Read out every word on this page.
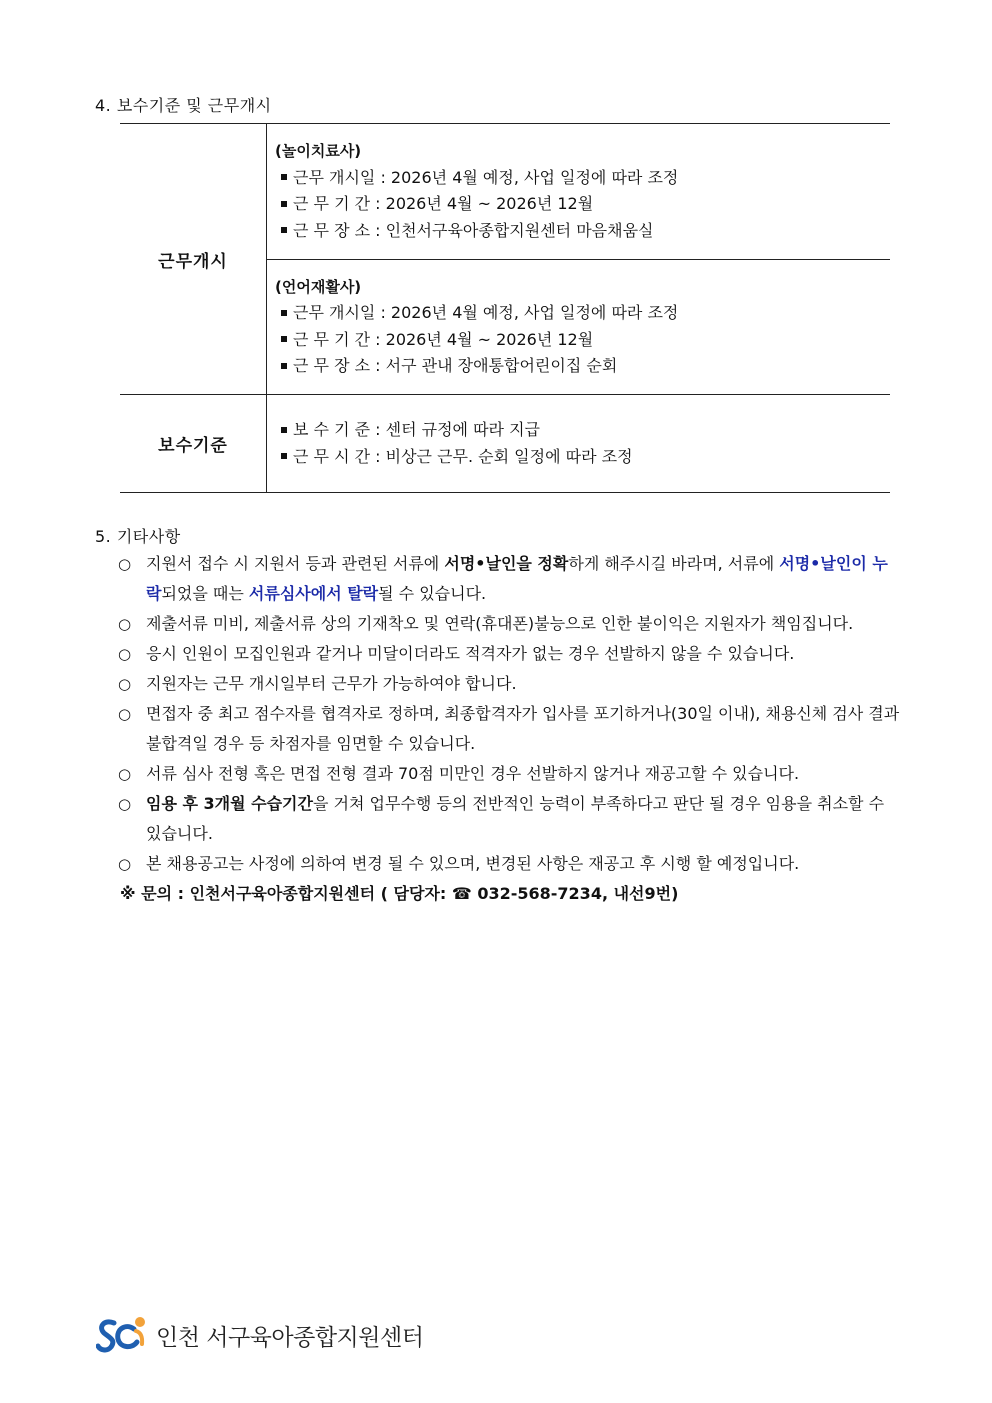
4. 보수기준 및 근무개시
근무개시	(놀이치료사)
근무 개시일 : 2026년 4월 예정, 사업 일정에 따라 조정
근 무 기 간 : 2026년 4월 ~ 2026년 12월
근 무 장 소 : 인천서구육아종합지원센터 마음채움실

	(언어재활사)
근무 개시일 : 2026년 4월 예정, 사업 일정에 따라 조정
근 무 기 간 : 2026년 4월 ~ 2026년 12월
근 무 장 소 : 서구 관내 장애통합어린이집 순회

보수기준	보 수 기 준 : 센터 규정에 따라 지급
근 무 시 간 : 비상근 근무. 순회 일정에 따라 조정
5. 기타사항
○ 지원서 접수 시 지원서 등과 관련된 서류에 서명•날인을 정확하게 해주시길 바라며, 서류에 서명•날인이 누락되었을 때는 서류심사에서 탈락될 수 있습니다.
○ 제출서류 미비, 제출서류 상의 기재착오 및 연락(휴대폰)불능으로 인한 불이익은 지원자가 책임집니다.
○ 응시 인원이 모집인원과 같거나 미달이더라도 적격자가 없는 경우 선발하지 않을 수 있습니다.
○ 지원자는 근무 개시일부터 근무가 가능하여야 합니다.
○ 면접자 중 최고 점수자를 협격자로 정하며, 최종합격자가 입사를 포기하거나(30일 이내), 채용신체 검사 결과 불합격일 경우 등 차점자를 임면할 수 있습니다.
○ 서류 심사 전형 혹은 면접 전형 결과 70점 미만인 경우 선발하지 않거나 재공고할 수 있습니다.
○ 임용 후 3개월 수습기간을 거쳐 업무수행 등의 전반적인 능력이 부족하다고 판단 될 경우 임용을 취소할 수 있습니다.
○ 본 채용공고는 사정에 의하여 변경 될 수 있으며, 변경된 사항은 재공고 후 시행 할 예정입니다.
※ 문의 : 인천서구육아종합지원센터 ( 담당자: ☎ 032-568-7234, 내선9번)
인천 서구육아종합지원센터
